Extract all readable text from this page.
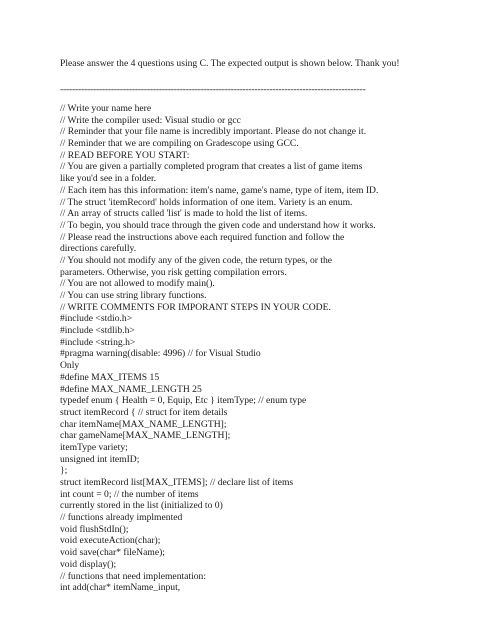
Please answer the 4 questions using C. The expected output is shown below. Thank you!
------------------------------------------------------------------------------------------------------
// Write your name here
// Write the compiler used: Visual studio or gcc
// Reminder that your file name is incredibly important. Please do not change it.
// Reminder that we are compiling on Gradescope using GCC.
// READ BEFORE YOU START:
// You are given a partially completed program that creates a list of game items
like you'd see in a folder.
// Each item has this information: item's name, game's name, type of item, item ID.
// The struct 'itemRecord' holds information of one item. Variety is an enum.
// An array of structs called 'list' is made to hold the list of items.
// To begin, you should trace through the given code and understand how it works.
// Please read the instructions above each required function and follow the
directions carefully.
// You should not modify any of the given code, the return types, or the
parameters. Otherwise, you risk getting compilation errors.
// You are not allowed to modify main().
// You can use string library functions.
// WRITE COMMENTS FOR IMPORANT STEPS IN YOUR CODE.
#include <stdio.h>
#include <stdlib.h>
#include <string.h>
#pragma warning(disable: 4996) // for Visual Studio
Only
#define MAX_ITEMS 15
#define MAX_NAME_LENGTH 25
typedef enum { Health = 0, Equip, Etc } itemType; // enum type
struct itemRecord { // struct for item details
char itemName[MAX_NAME_LENGTH];
char gameName[MAX_NAME_LENGTH];
itemType variety;
unsigned int itemID;
};
struct itemRecord list[MAX_ITEMS]; // declare list of items
int count = 0; // the number of items
currently stored in the list (initialized to 0)
// functions already implmented
void flushStdIn();
void executeAction(char);
void save(char* fileName);
void display();
// functions that need implementation:
int add(char* itemName_input,
